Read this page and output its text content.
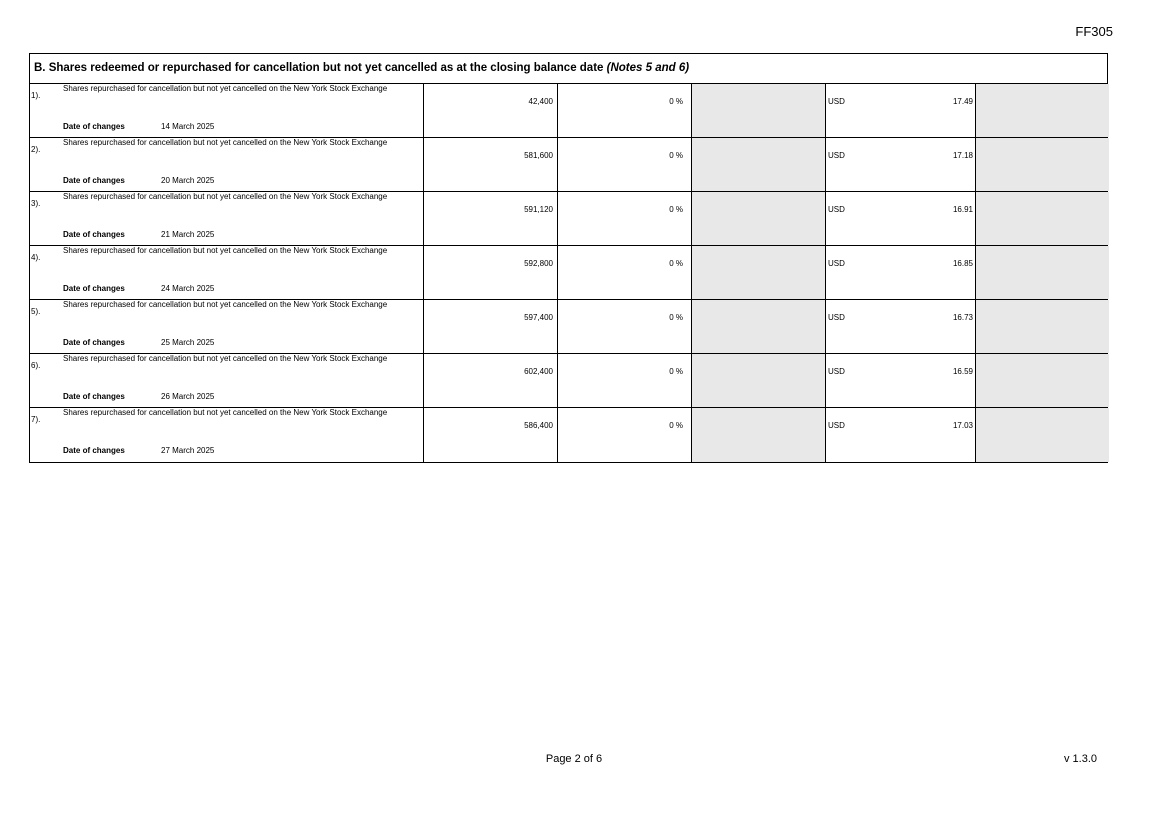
FF305
B. Shares redeemed or repurchased for cancellation but not yet cancelled as at the closing balance date (Notes 5 and 6)
1).
Shares repurchased for cancellation but not yet cancelled on the New York Stock Exchange
Date of changes	14 March 2025
42,400	0 %	USD	17.49
2).
Shares repurchased for cancellation but not yet cancelled on the New York Stock Exchange
Date of changes	20 March 2025
581,600	0 %	USD	17.18
3).
Shares repurchased for cancellation but not yet cancelled on the New York Stock Exchange
Date of changes	21 March 2025
591,120	0 %	USD	16.91
4).
Shares repurchased for cancellation but not yet cancelled on the New York Stock Exchange
Date of changes	24 March 2025
592,800	0 %	USD	16.85
5).
Shares repurchased for cancellation but not yet cancelled on the New York Stock Exchange
Date of changes	25 March 2025
597,400	0 %	USD	16.73
6).
Shares repurchased for cancellation but not yet cancelled on the New York Stock Exchange
Date of changes	26 March 2025
602,400	0 %	USD	16.59
7).
Shares repurchased for cancellation but not yet cancelled on the New York Stock Exchange
Date of changes	27 March 2025
586,400	0 %	USD	17.03
Page 2 of 6	v 1.3.0
